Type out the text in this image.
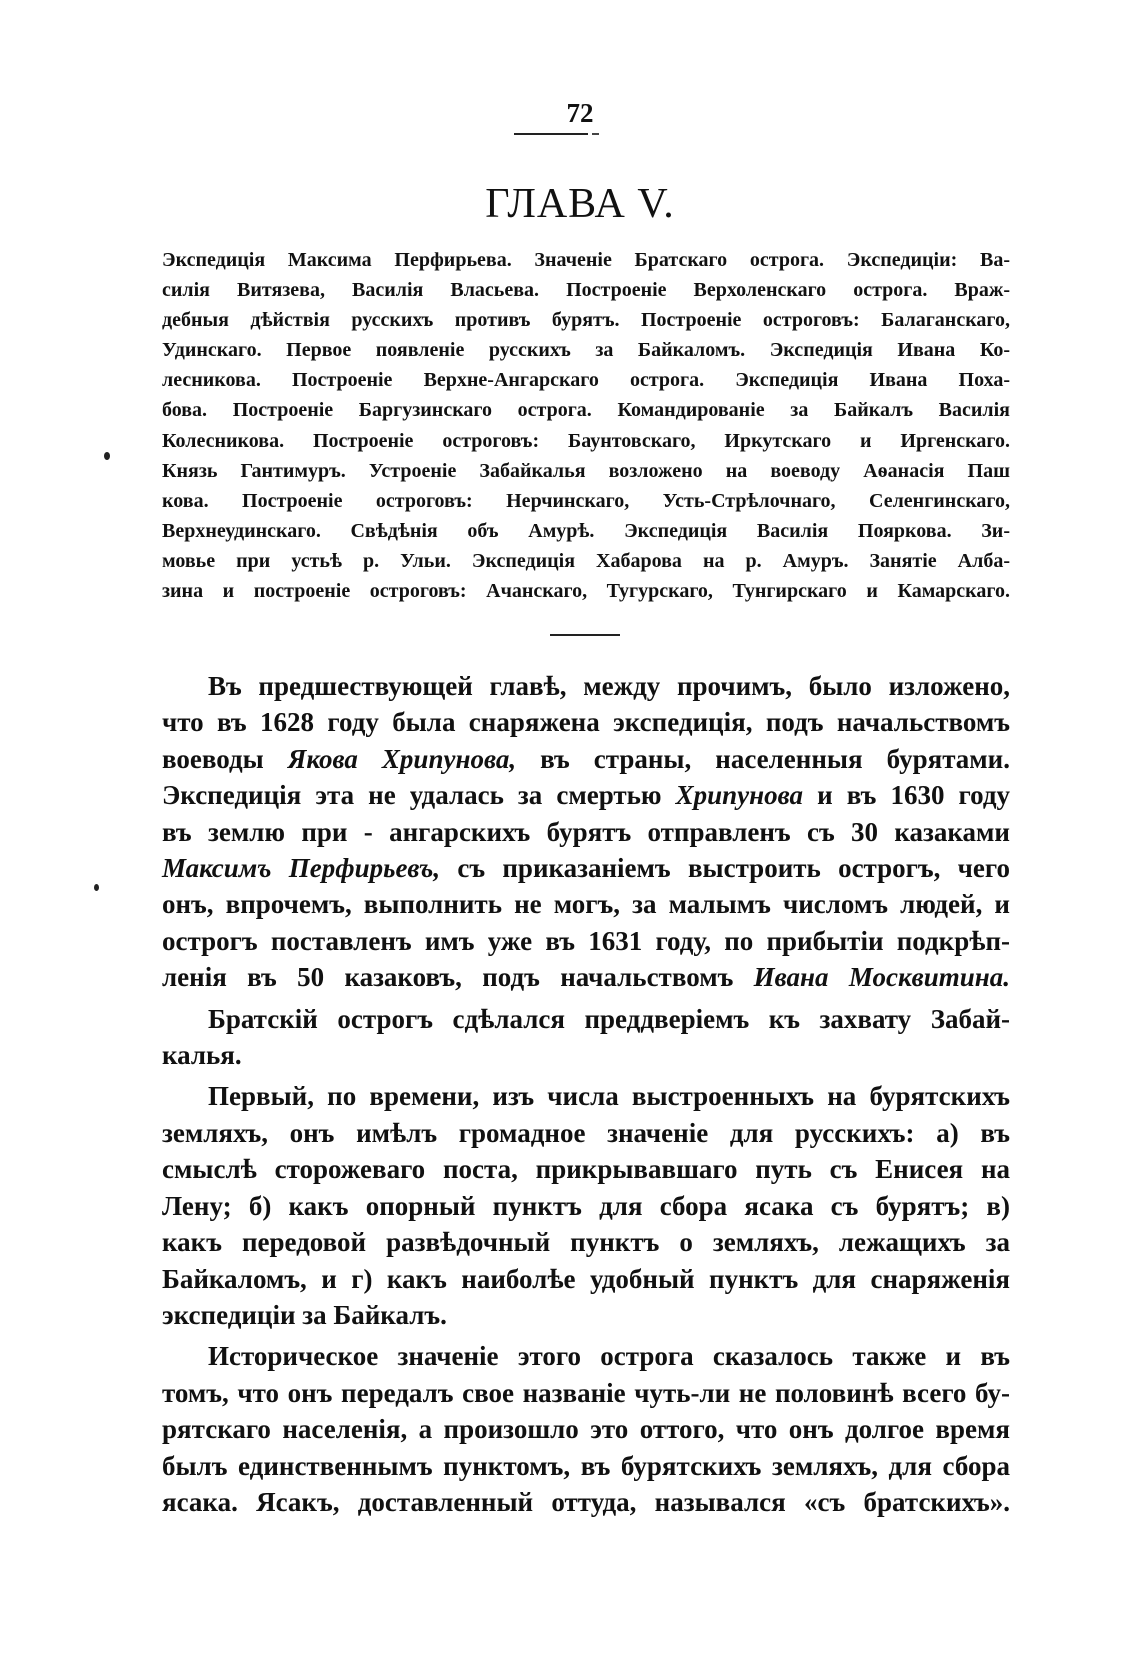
72
ГЛАВА V.
Экспедиція Максима Перфирьева. Значеніе Братскаго острога. Экспедиціи: Ва-
силія Витязева, Василія Власьева. Построеніе Верхоленскаго острога. Враж-
дебныя дѣйствія русскихъ противъ бурятъ. Построеніе остроговъ: Балаганскаго,
Удинскаго. Первое появленіе русскихъ за Байкаломъ. Экспедиція Ивана Ко-
лесникова. Построеніе Верхне-Ангарскаго острога. Экспедиція Ивана Поха-
бова. Построеніе Баргузинскаго острога. Командированіе за Байкалъ Василія
Колесникова. Построеніе остроговъ: Баунтовскаго, Иркутскаго и Иргенскаго.
Князь Гантимуръ. Устроеніе Забайкалья возложено на воеводу Аѳанасія Паш
кова. Построеніе остроговъ: Нерчинскаго, Усть-Стрѣлочнаго, Селенгинскаго,
Верхнеудинскаго. Свѣдѣнія объ Амурѣ. Экспедиція Василія Пояркова. Зи-
мовье при устьѣ р. Ульи. Экспедиція Хабарова на р. Амуръ. Занятіе Албa-
зина и построеніе остроговъ: Ачанскаго, Тугурскаго, Тунгирскаго и Камарскаго.
Въ предшествующей главѣ, между прочимъ, было изложено,
что въ 1628 году была снаряжена экспедиція, подъ начальствомъ
воеводы Якова Хрипунова, въ страны, населенныя бурятами.
Экспедиція эта не удалась за смертью Хрипунова и въ 1630 году
въ землю при - ангарскихъ бурятъ отправленъ съ 30 казаками
Максимъ Перфирьевъ, съ приказаніемъ выстроить острогъ, чего
онъ, впрочемъ, выполнить не могъ, за малымъ числомъ людей, и
острогъ поставленъ имъ уже въ 1631 году, по прибытіи подкрѣп-
ленія въ 50 казаковъ, подъ начальствомъ Ивана Москвитина.
Братскій острогъ сдѣлался преддверіемъ къ захвату Забай-
калья.
Первый, по времени, изъ числа выстроенныхъ на бурятскихъ
земляхъ, онъ имѣлъ громадное значеніе для русскихъ: а) въ
смыслѣ сторожеваго поста, прикрывавшаго путь съ Енисея на
Лену; б) какъ опорный пунктъ для сбора ясака съ бурятъ; в)
какъ передовой развѣдочный пунктъ о земляхъ, лежащихъ за
Байкаломъ, и г) какъ наиболѣе удобный пунктъ для снаряженія
экспедиціи за Байкалъ.
Историческое значеніе этого острога сказалось также и въ
томъ, что онъ передалъ свое названіе чуть-ли не половинѣ всего бу-
рятскаго населенія, а произошло это оттого, что онъ долгое время
былъ единственнымъ пунктомъ, въ бурятскихъ земляхъ, для сбора
ясака. Ясакъ, доставленный оттуда, назывался «съ братскихъ».
